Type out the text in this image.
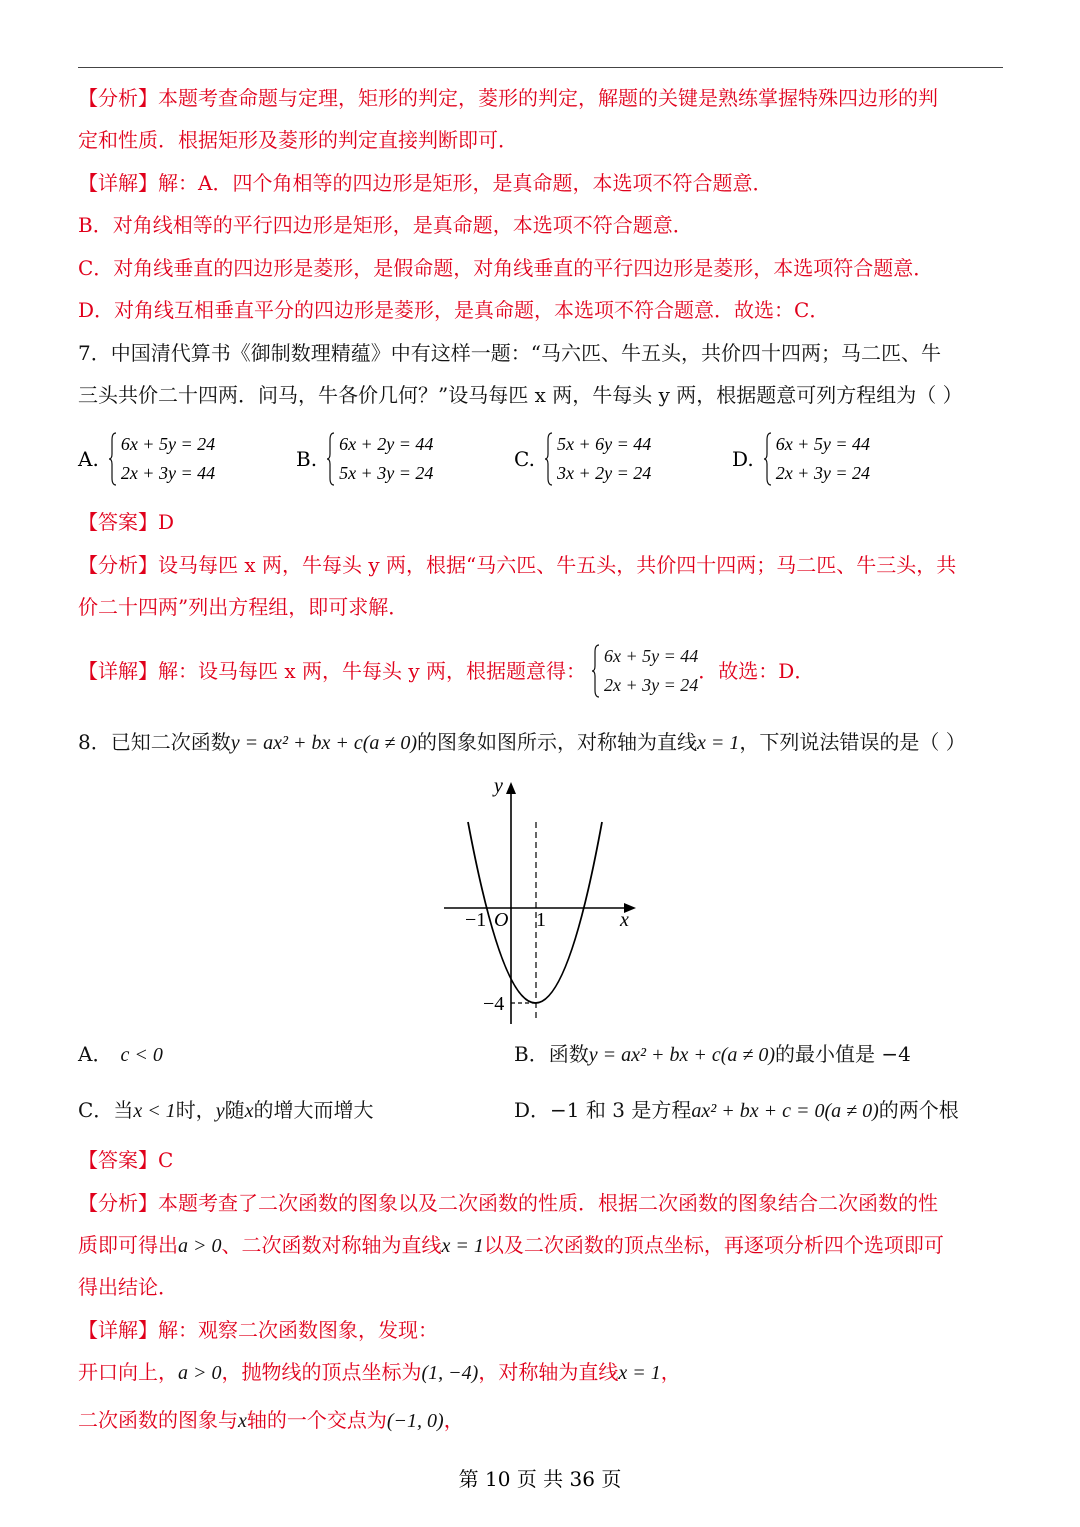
【分析】本题考查命题与定理，矩形的判定，菱形的判定，解题的关键是熟练掌握特殊四边形的判
定和性质．根据矩形及菱形的判定直接判断即可．
【详解】解：A．四个角相等的四边形是矩形，是真命题，本选项不符合题意．
B．对角线相等的平行四边形是矩形，是真命题，本选项不符合题意．
C．对角线垂直的四边形是菱形，是假命题，对角线垂直的平行四边形是菱形，本选项符合题意．
D．对角线互相垂直平分的四边形是菱形，是真命题，本选项不符合题意．故选：C．
7．中国清代算书《御制数理精蕴》中有这样一题：“马六匹、牛五头，共价四十四两；马二匹、牛
三头共价二十四两．问马，牛各价几何？”设马每匹 x 两，牛每头 y 两，根据题意可列方程组为（ ）
A.
6x + 5y = 24
2x + 3y = 44
B.
6x + 2y = 44
5x + 3y = 24
C.
5x + 6y = 44
3x + 2y = 24
D.
6x + 5y = 44
2x + 3y = 24
【答案】D
【分析】设马每匹 x 两，牛每头 y 两，根据“马六匹、牛五头，共价四十四两；马二匹、牛三头，共
价二十四两”列出方程组，即可求解．
【详解】 解：设马每匹 x 两，牛每头 y 两，根据题意得：
6x + 5y = 44
2x + 3y = 24
．故选：D．
8．已知二次函数y = ax² + bx + c(a ≠ 0)的图象如图所示，对称轴为直线x = 1，下列说法错误的是（ ）
y
x
O
−1 1
−4
A． c < 0	B．函数y = ax² + bx + c(a ≠ 0)的最小值是 −4
C．当x < 1时，y随x的增大而增大	D．−1 和 3 是方程ax² + bx + c = 0(a ≠ 0)的两个根
【答案】C
【分析】本题考查了二次函数的图象以及二次函数的性质．根据二次函数的图象结合二次函数的性
质即可得出a > 0、二次函数对称轴为直线x = 1以及二次函数的顶点坐标，再逐项分析四个选项即可
得出结论．
【详解】解：观察二次函数图象，发现：
开口向上，a > 0，抛物线的顶点坐标为(1, −4)，对称轴为直线x = 1，
二次函数的图象与x轴的一个交点为(−1, 0)，
第 10 页 共 36 页
